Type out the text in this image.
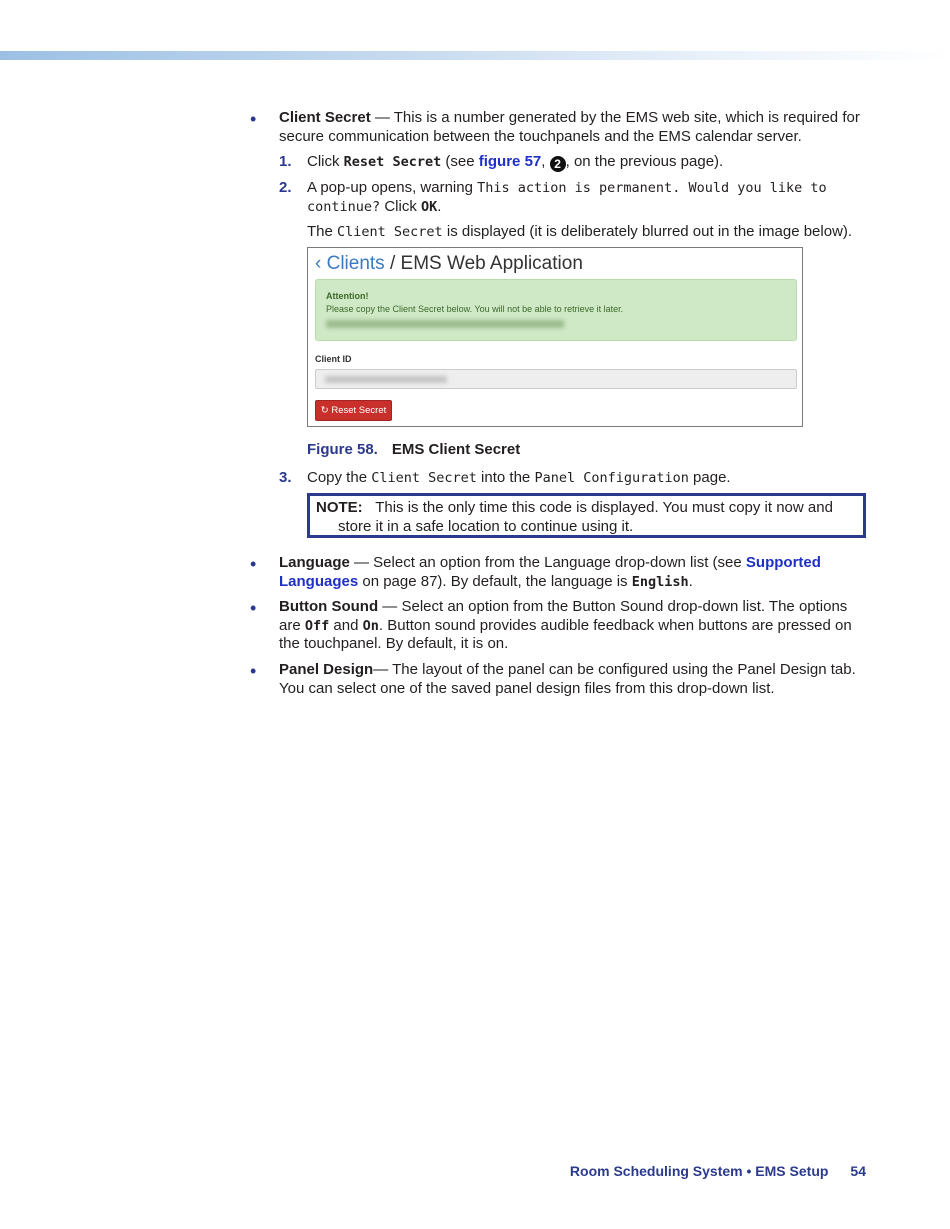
•	Client Secret — This is a number generated by the EMS web site, which is required for secure communication between the touchpanels and the EMS calendar server.
1. Click Reset Secret (see figure 57, 2 , on the previous page).
2. A pop-up opens, warning This action is permanent. Would you like to continue? Click OK.
The Client Secret is displayed (it is deliberately blurred out in the image below).
‹ Clients / EMS Web Application
Attention!
Please copy the Client Secret below. You will not be able to retrieve it later.
Client ID
↻ Reset Secret
Figure 58. EMS Client Secret
3. Copy the Client Secret into the Panel Configuration page.
NOTE: This is the only time this code is displayed. You must copy it now and
store it in a safe location to continue using it.
•	Language — Select an option from the Language drop-down list (see Supported Languages on page 87). By default, the language is English.
•	Button Sound — Select an option from the Button Sound drop-down list. The options are Off and On. Button sound provides audible feedback when buttons are pressed on the touchpanel. By default, it is on.
•	Panel Design— The layout of the panel can be configured using the Panel Design tab. You can select one of the saved panel design files from this drop-down list.
Room Scheduling System • EMS Setup 54
